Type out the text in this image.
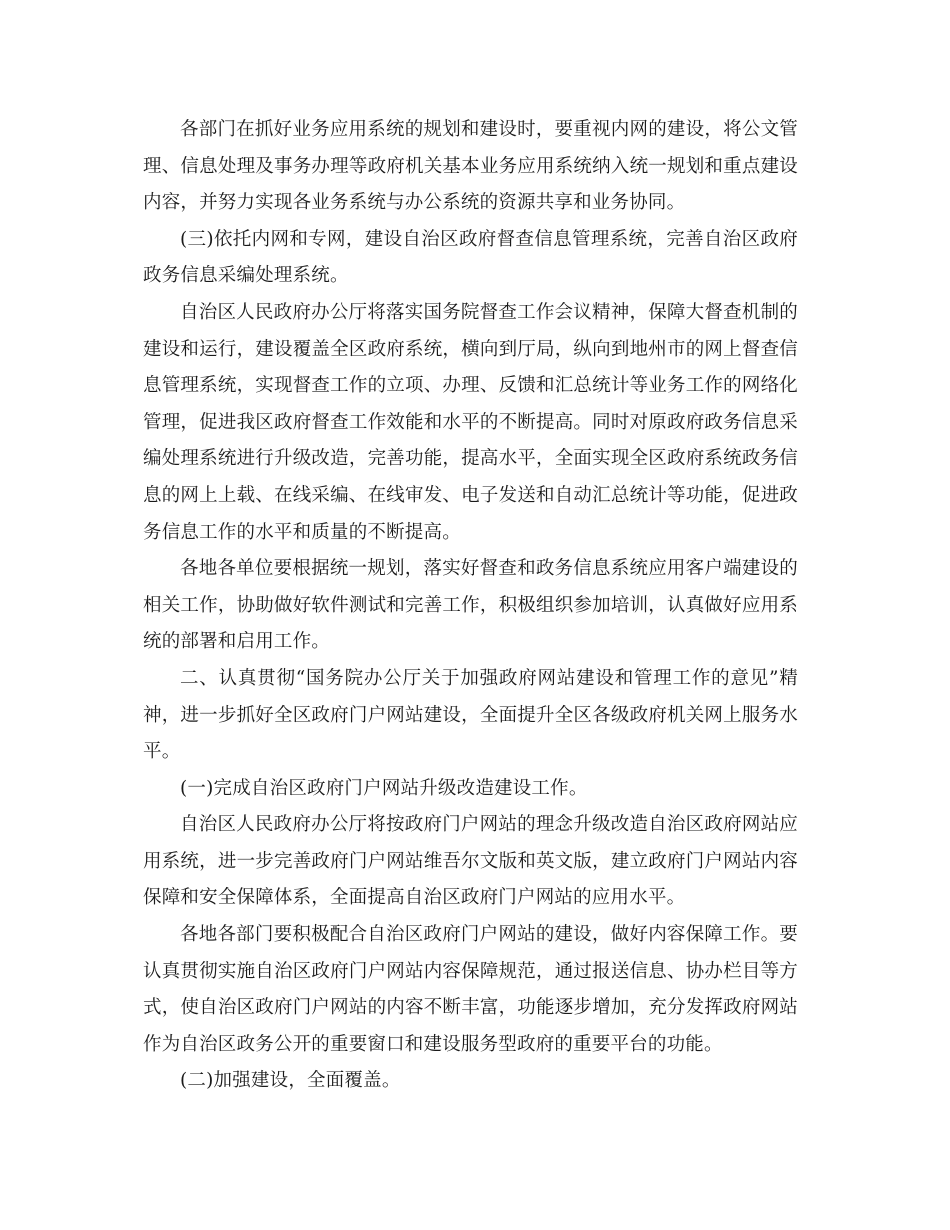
各部门在抓好业务应用系统的规划和建设时，要重视内网的建设，将公文管理、信息处理及事务办理等政府机关基本业务应用系统纳入统一规划和重点建设内容，并努力实现各业务系统与办公系统的资源共享和业务协同。

(三)依托内网和专网，建设自治区政府督查信息管理系统，完善自治区政府政务信息采编处理系统。

自治区人民政府办公厅将落实国务院督查工作会议精神，保障大督查机制的建设和运行，建设覆盖全区政府系统，横向到厅局，纵向到地州市的网上督查信息管理系统，实现督查工作的立项、办理、反馈和汇总统计等业务工作的网络化管理，促进我区政府督查工作效能和水平的不断提高。同时对原政府政务信息采编处理系统进行升级改造，完善功能，提高水平，全面实现全区政府系统政务信息的网上上载、在线采编、在线审发、电子发送和自动汇总统计等功能，促进政务信息工作的水平和质量的不断提高。

各地各单位要根据统一规划，落实好督查和政务信息系统应用客户端建设的相关工作，协助做好软件测试和完善工作，积极组织参加培训，认真做好应用系统的部署和启用工作。

二、认真贯彻“国务院办公厅关于加强政府网站建设和管理工作的意见”精神，进一步抓好全区政府门户网站建设，全面提升全区各级政府机关网上服务水平。

(一)完成自治区政府门户网站升级改造建设工作。

自治区人民政府办公厅将按政府门户网站的理念升级改造自治区政府网站应用系统，进一步完善政府门户网站维吾尔文版和英文版，建立政府门户网站内容保障和安全保障体系，全面提高自治区政府门户网站的应用水平。

各地各部门要积极配合自治区政府门户网站的建设，做好内容保障工作。要认真贯彻实施自治区政府门户网站内容保障规范，通过报送信息、协办栏目等方式，使自治区政府门户网站的内容不断丰富，功能逐步增加，充分发挥政府网站作为自治区政务公开的重要窗口和建设服务型政府的重要平台的功能。

(二)加强建设，全面覆盖。
